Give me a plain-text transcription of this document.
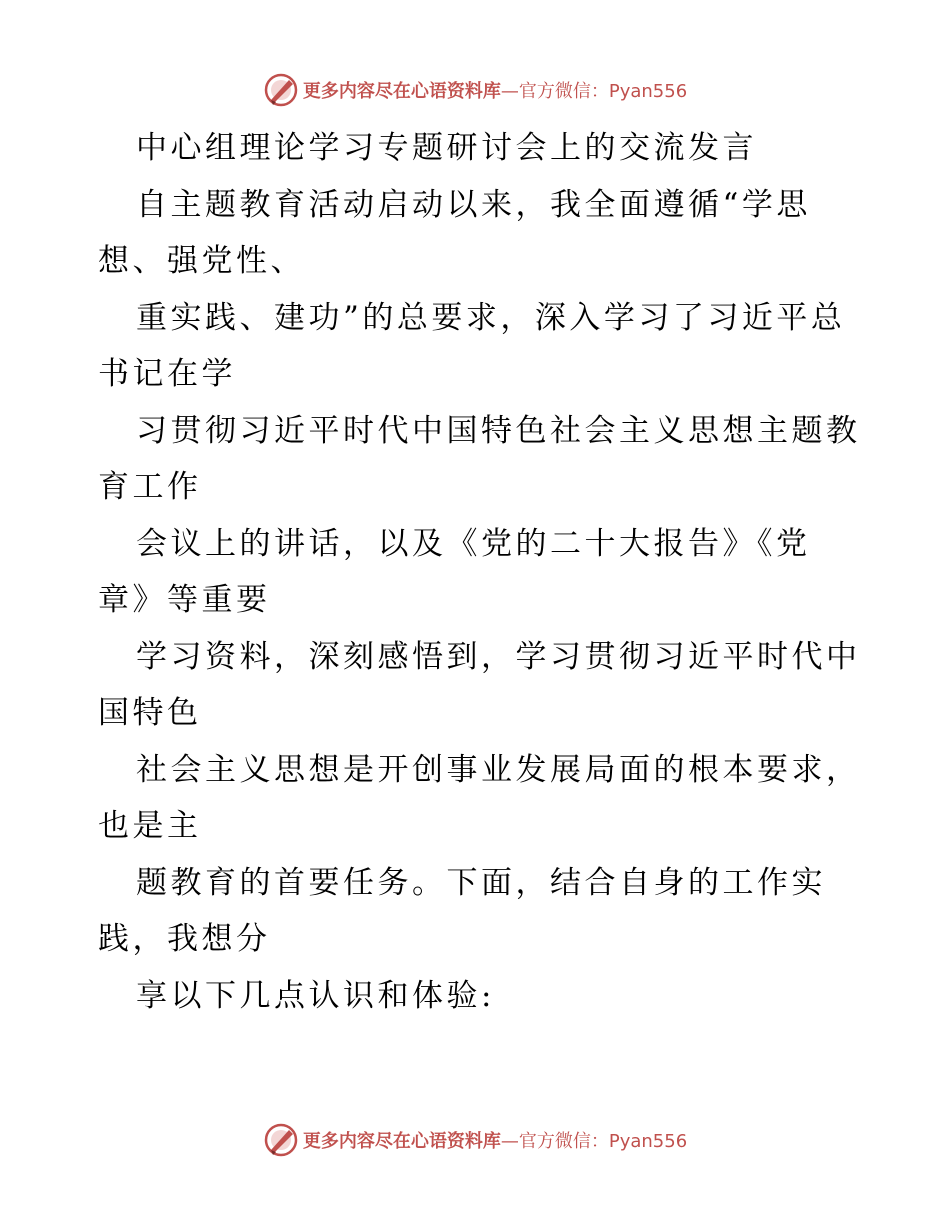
更多内容尽在心语资料库 —官方微信：Pyan556
中心组理论学习专题研讨会上的交流发言
自主题教育活动启动以来，我全面遵循“学思
想、强党性、
重实践、建功”的总要求，深入学习了习近平总
书记在学
习贯彻习近平时代中国特色社会主义思想主题教
育工作
会议上的讲话，以及《党的二十大报告》《党
章》等重要
学习资料，深刻感悟到，学习贯彻习近平时代中
国特色
社会主义思想是开创事业发展局面的根本要求，
也是主
题教育的首要任务。下面，结合自身的工作实
践，我想分
享以下几点认识和体验:
更多内容尽在心语资料库 —官方微信：Pyan556
